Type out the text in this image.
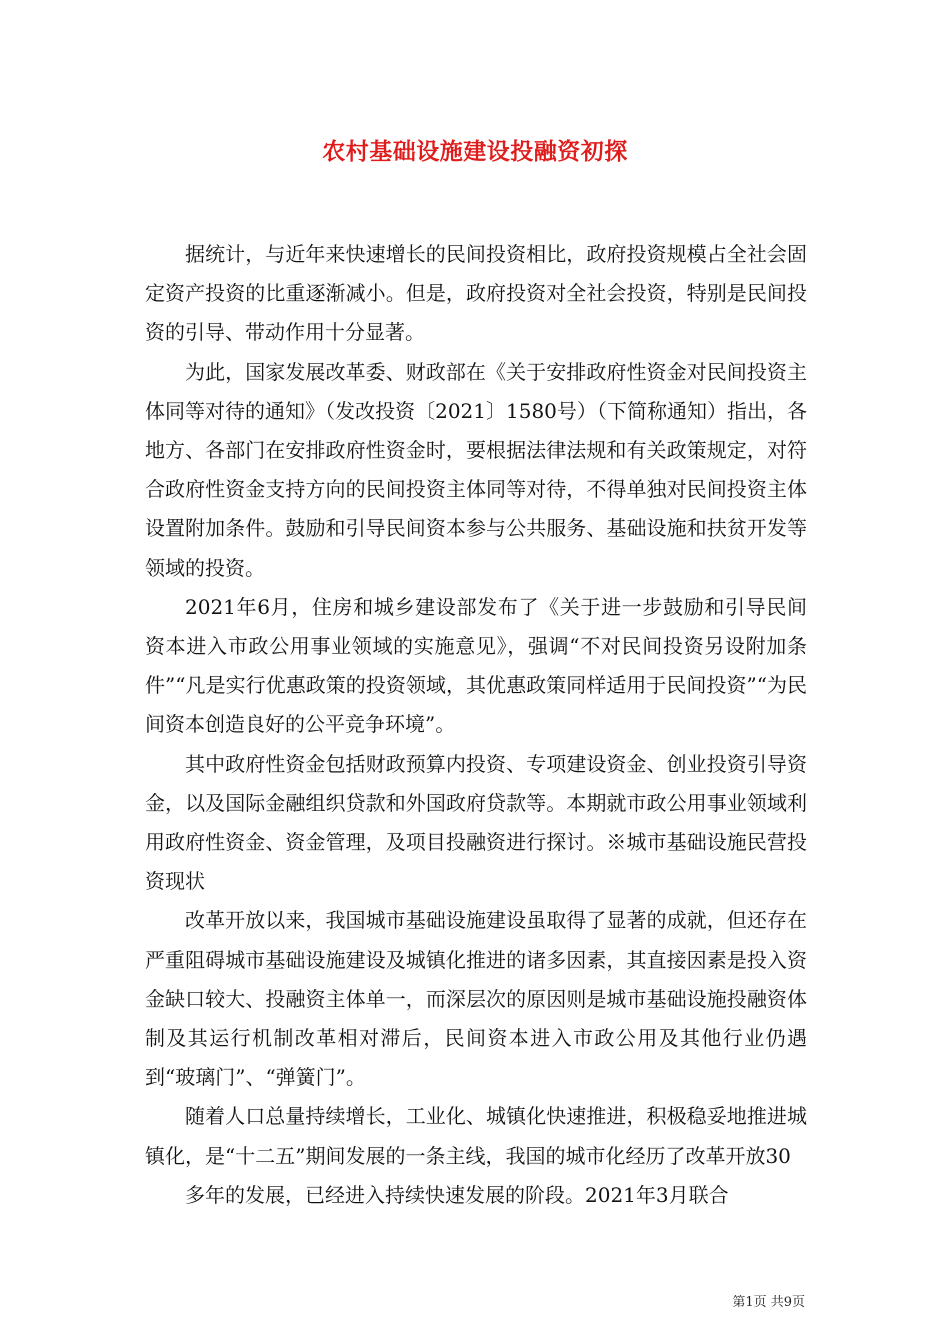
农村基础设施建设投融资初探

据统计，与近年来快速增长的民间投资相比，政府投资规模占全社会固定资产投资的比重逐渐减小。但是，政府投资对全社会投资，特别是民间投资的引导、带动作用十分显著。

为此，国家发展改革委、财政部在《关于安排政府性资金对民间投资主体同等对待的通知》（发改投资〔2021〕1580号）（下简称通知）指出，各地方、各部门在安排政府性资金时，要根据法律法规和有关政策规定，对符合政府性资金支持方向的民间投资主体同等对待，不得单独对民间投资主体设置附加条件。鼓励和引导民间资本参与公共服务、基础设施和扶贫开发等领域的投资。

2021年6月，住房和城乡建设部发布了《关于进一步鼓励和引导民间资本进入市政公用事业领域的实施意见》，强调“不对民间投资另设附加条件”“凡是实行优惠政策的投资领域，其优惠政策同样适用于民间投资”“为民间资本创造良好的公平竞争环境”。

其中政府性资金包括财政预算内投资、专项建设资金、创业投资引导资金，以及国际金融组织贷款和外国政府贷款等。本期就市政公用事业领域利用政府性资金、资金管理，及项目投融资进行探讨。※城市基础设施民营投资现状

改革开放以来，我国城市基础设施建设虽取得了显著的成就，但还存在严重阻碍城市基础设施建设及城镇化推进的诸多因素，其直接因素是投入资金缺口较大、投融资主体单一，而深层次的原因则是城市基础设施投融资体制及其运行机制改革相对滞后，民间资本进入市政公用及其他行业仍遇到“玻璃门”、“弹簧门”。

随着人口总量持续增长，工业化、城镇化快速推进，积极稳妥地推进城镇化，是“十二五”期间发展的一条主线，我国的城市化经历了改革开放30

多年的发展，已经进入持续快速发展的阶段。2021年3月联合

第1页 共9页
